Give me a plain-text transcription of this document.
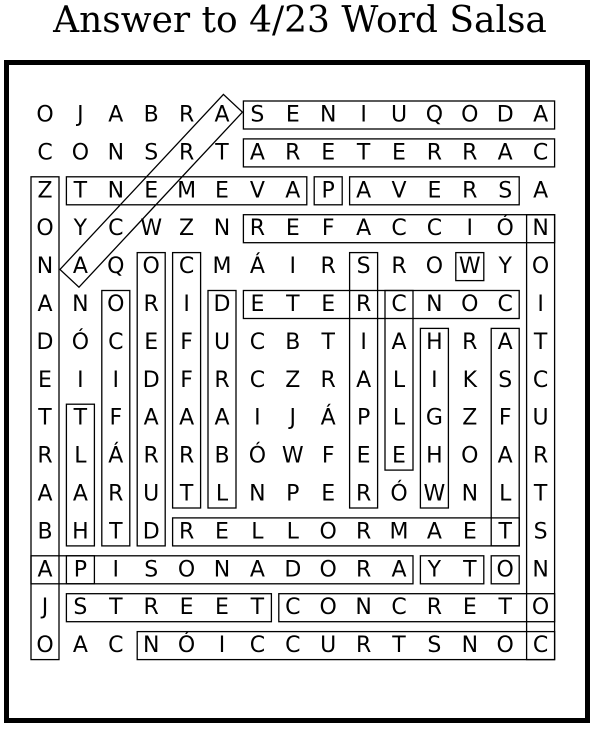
Answer to 4/23 Word Salsa
O J A B R A S E N I U Q O D A
C O N S R T A R E T E R R A C
Z T N E M E V A P A V E R S A
O Y C W Z N R E F A C C I Ó N
N A Q O C M Á I R S R O W Y O
A N O R I D E T E R C N O C I
D Ó C E F U C B T I A H R A T
E I I D F R C Z R A L I K S C
T T F A A A I J Á P L G Z F U
R L Á R R B Ó W F E E H O A R
A A R U T L N P E R Ó W N L T
B H T D R E L L O R M A E T S
A P I S O N A D O R A Y T O N
J S T R E E T C O N C R E T O
O A C N Ó I C C U R T S N O C
